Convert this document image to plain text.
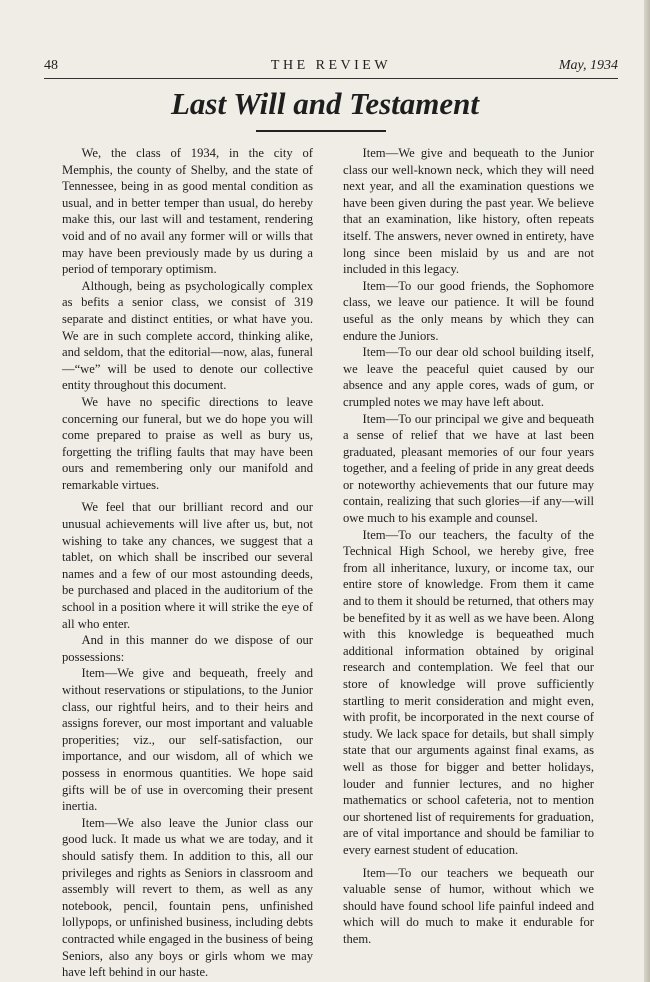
48	THE REVIEW	May, 1934
Last Will and Testament

We, the class of 1934, in the city of Memphis, the county of Shelby, and the state of Tennessee, being in as good mental condition as usual, and in better temper than usual, do hereby make this, our last will and testament, rendering void and of no avail any former will or wills that may have been previously made by us during a period of temporary optimism.

Although, being as psychologically complex as befits a senior class, we consist of 319 separate and distinct entities, or what have you. We are in such complete accord, thinking alike, and seldom, that the editorial—now, alas, funeral—“we” will be used to denote our collective entity throughout this document.

We have no specific directions to leave concerning our funeral, but we do hope you will come prepared to praise as well as bury us, forgetting the trifling faults that may have been ours and remembering only our manifold and remarkable virtues.

We feel that our brilliant record and our unusual achievements will live after us, but, not wishing to take any chances, we suggest that a tablet, on which shall be inscribed our several names and a few of our most astounding deeds, be purchased and placed in the auditorium of the school in a position where it will strike the eye of all who enter.

And in this manner do we dispose of our possessions:

Item—We give and bequeath, freely and without reservations or stipulations, to the Junior class, our rightful heirs, and to their heirs and assigns forever, our most important and valuable properities; viz., our self-satisfaction, our importance, and our wisdom, all of which we possess in enormous quantities. We hope said gifts will be of use in overcoming their present inertia.

Item—We also leave the Junior class our good luck. It made us what we are today, and it should satisfy them. In addition to this, all our privileges and rights as Seniors in classroom and assembly will revert to them, as well as any notebook, pencil, fountain pens, unfinished lollypops, or unfinished business, including debts contracted while engaged in the business of being Seniors, also any boys or girls whom we may have left behind in our haste.

Item—We give and bequeath to the Junior class our well-known neck, which they will need next year, and all the examination questions we have been given during the past year. We believe that an examination, like history, often repeats itself. The answers, never owned in entirety, have long since been mislaid by us and are not included in this legacy.

Item—To our good friends, the Sophomore class, we leave our patience. It will be found useful as the only means by which they can endure the Juniors.

Item—To our dear old school building itself, we leave the peaceful quiet caused by our absence and any apple cores, wads of gum, or crumpled notes we may have left about.

Item—To our principal we give and bequeath a sense of relief that we have at last been graduated, pleasant memories of our four years together, and a feeling of pride in any great deeds or noteworthy achievements that our future may contain, realizing that such glories—if any—will owe much to his example and counsel.

Item—To our teachers, the faculty of the Technical High School, we hereby give, free from all inheritance, luxury, or income tax, our entire store of knowledge. From them it came and to them it should be returned, that others may be benefited by it as well as we have been. Along with this knowledge is bequeathed much additional information obtained by original research and contemplation. We feel that our store of knowledge will prove sufficiently startling to merit consideration and might even, with profit, be incorporated in the next course of study. We lack space for details, but shall simply state that our arguments against final exams, as well as those for bigger and better holidays, louder and funnier lectures, and no higher mathematics or school cafeteria, not to mention our shortened list of requirements for graduation, are of vital importance and should be familiar to every earnest student of education.

Item—To our teachers we bequeath our valuable sense of humor, without which we should have found school life painful indeed and which will do much to make it endurable for them.
